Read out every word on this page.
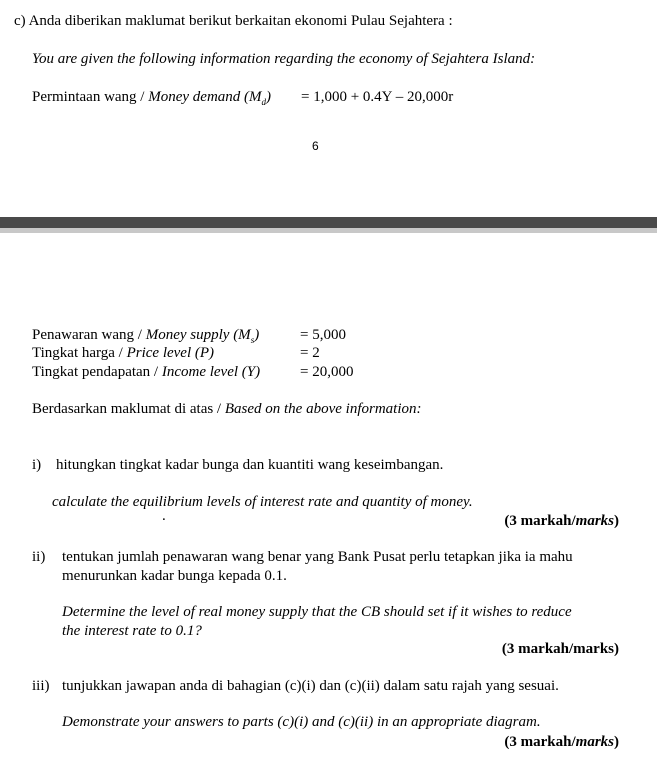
c) Anda diberikan maklumat berikut berkaitan ekonomi Pulau Sejahtera :
You are given the following information regarding the economy of Sejahtera Island:
Permintaan wang / Money demand $(M_d) = 1,000 + 0.4Y - 20,000r$
6
Penawaran wang / Money supply $(M_s)$	= 5,000
Tingkat harga / Price level (P)	= 2
Tingkat pendapatan / Income level (Y)	= 20,000
Berdasarkan maklumat di atas / Based on the above information:
i) hitungkan tingkat kadar bunga dan kuantiti wang keseimbangan.
calculate the equilibrium levels of interest rate and quantity of money.
.	(3 markah/marks)
ii) tentukan jumlah penawaran wang benar yang Bank Pusat perlu tetapkan jika ia mahu
menurunkan kadar bunga kepada 0.1.
Determine the level of real money supply that the CB should set if it wishes to reduce
the interest rate to 0.1?
(3 markah/marks)
iii) tunjukkan jawapan anda di bahagian (c)(i) dan (c)(ii) dalam satu rajah yang sesuai.
Demonstrate your answers to parts (c)(i) and (c)(ii) in an appropriate diagram.
(3 markah/marks)
